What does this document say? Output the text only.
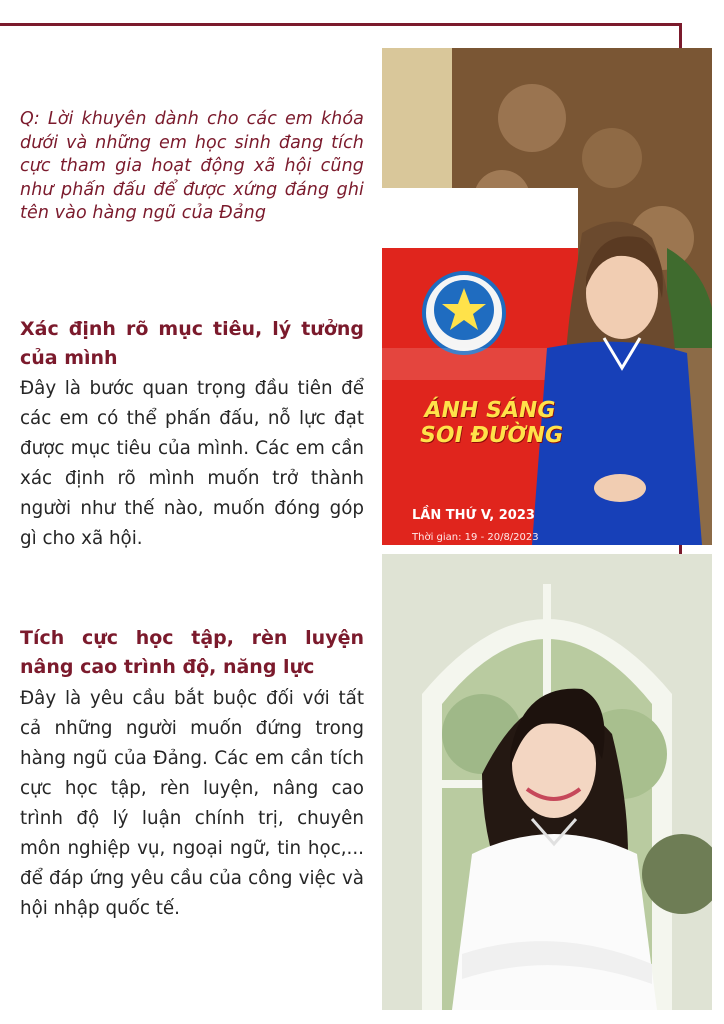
Q: Lời khuyên dành cho các em khóa dưới và những em học sinh đang tích cực tham gia hoạt động xã hội cũng như phấn đấu để được xứng đáng ghi tên vào hàng ngũ của Đảng

Xác định rõ mục tiêu, lý tưởng của mình

Đây là bước quan trọng đầu tiên để các em có thể phấn đấu, nỗ lực đạt được mục tiêu của mình. Các em cần xác định rõ mình muốn trở thành người như thế nào, muốn đóng góp gì cho xã hội.

Tích cực học tập, rèn luyện nâng cao trình độ, năng lực

Đây là yêu cầu bắt buộc đối với tất cả những người muốn đứng trong hàng ngũ của Đảng. Các em cần tích cực học tập, rèn luyện, nâng cao trình độ lý luận chính trị, chuyên môn nghiệp vụ, ngoại ngữ, tin học,... để đáp ứng yêu cầu của công việc và hội nhập quốc tế.

ÁNH SÁNG
SOI ĐƯỜNG
LẦN THỨ V, 2023
Thời gian: 19 - 20/8/2023
